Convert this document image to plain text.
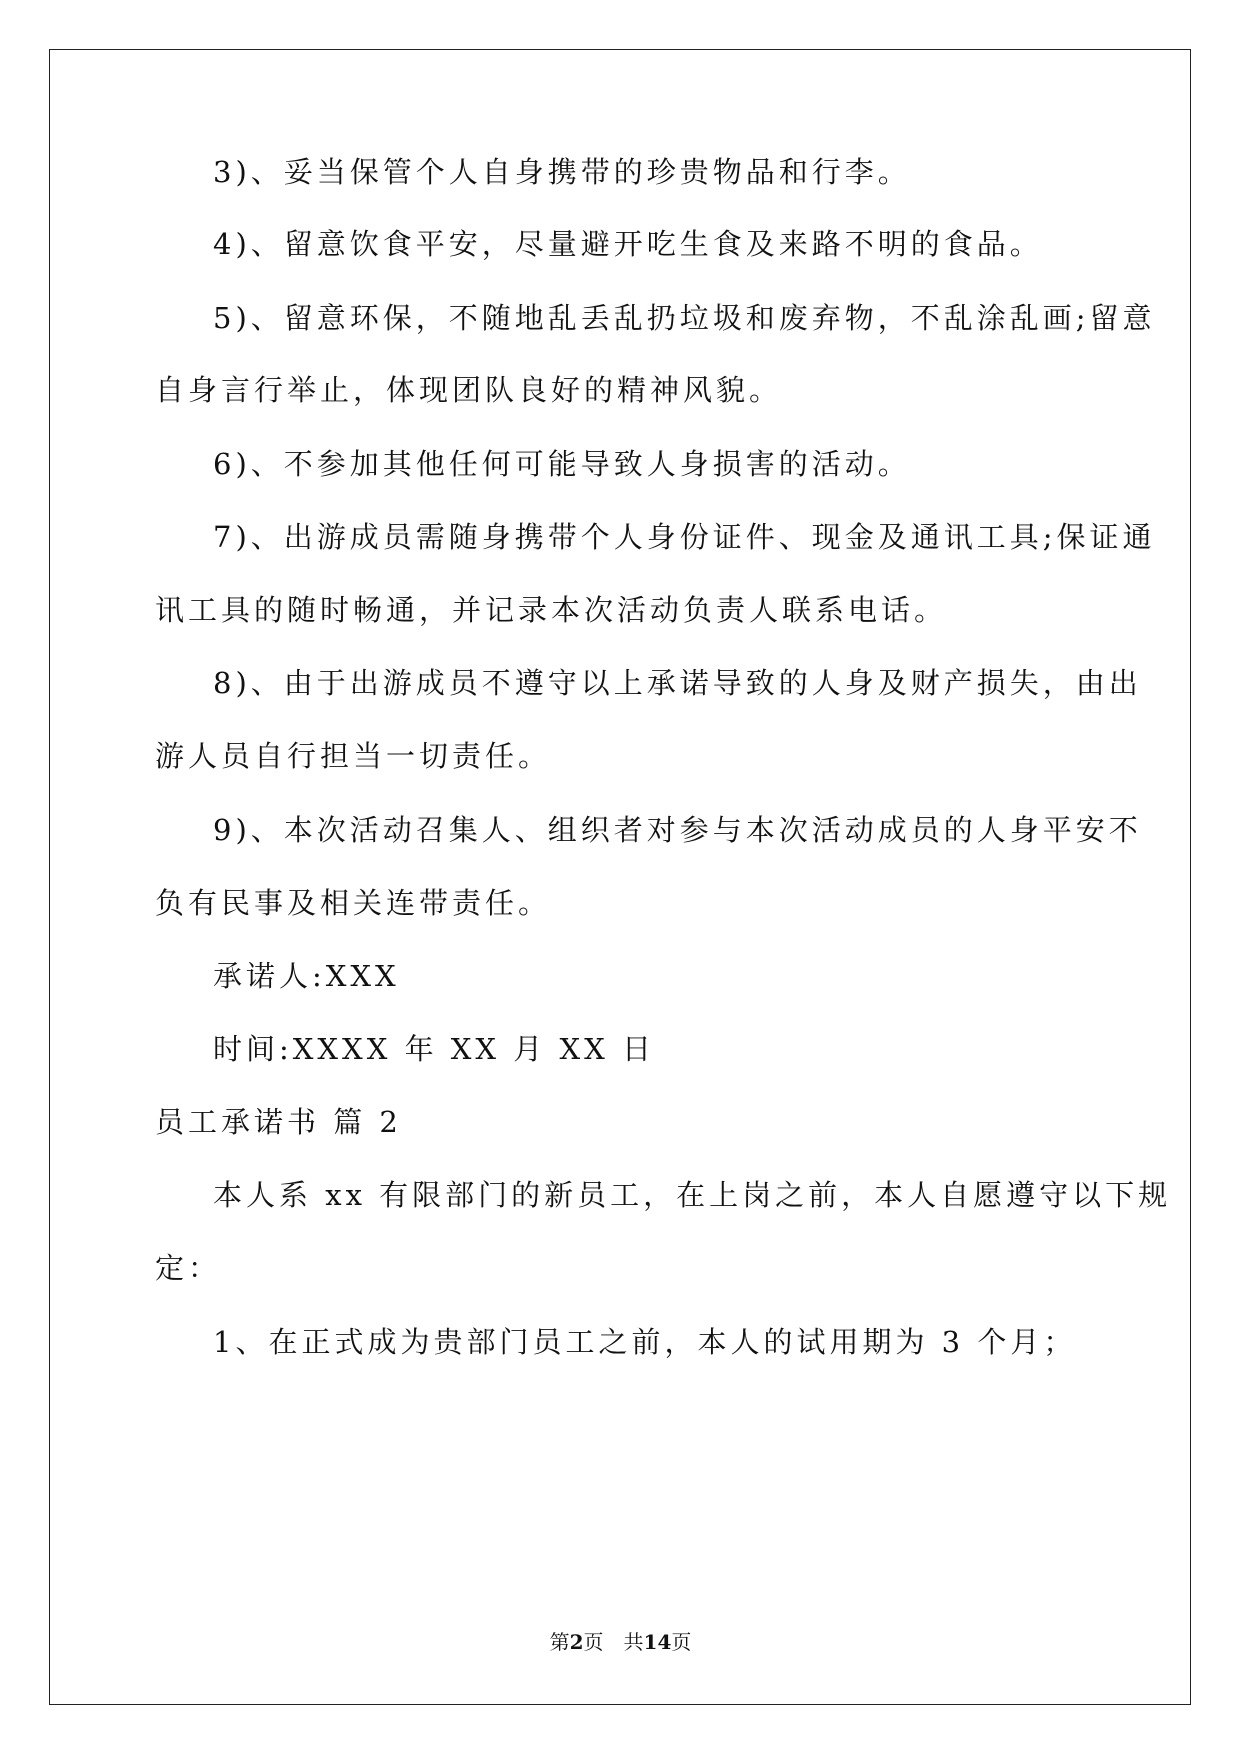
3)、妥当保管个人自身携带的珍贵物品和行李。
4)、留意饮食平安，尽量避开吃生食及来路不明的食品。
5)、留意环保，不随地乱丢乱扔垃圾和废弃物，不乱涂乱画;留意
自身言行举止，体现团队良好的精神风貌。
6)、不参加其他任何可能导致人身损害的活动。
7)、出游成员需随身携带个人身份证件、现金及通讯工具;保证通
讯工具的随时畅通，并记录本次活动负责人联系电话。
8)、由于出游成员不遵守以上承诺导致的人身及财产损失，由出
游人员自行担当一切责任。
9)、本次活动召集人、组织者对参与本次活动成员的人身平安不
负有民事及相关连带责任。
承诺人:XXX
时间:XXXX 年 XX 月 XX 日
员工承诺书 篇 2
本人系 xx 有限部门的新员工，在上岗之前，本人自愿遵守以下规
定：
1、在正式成为贵部门员工之前，本人的试用期为 3 个月；
第2页　共14页
